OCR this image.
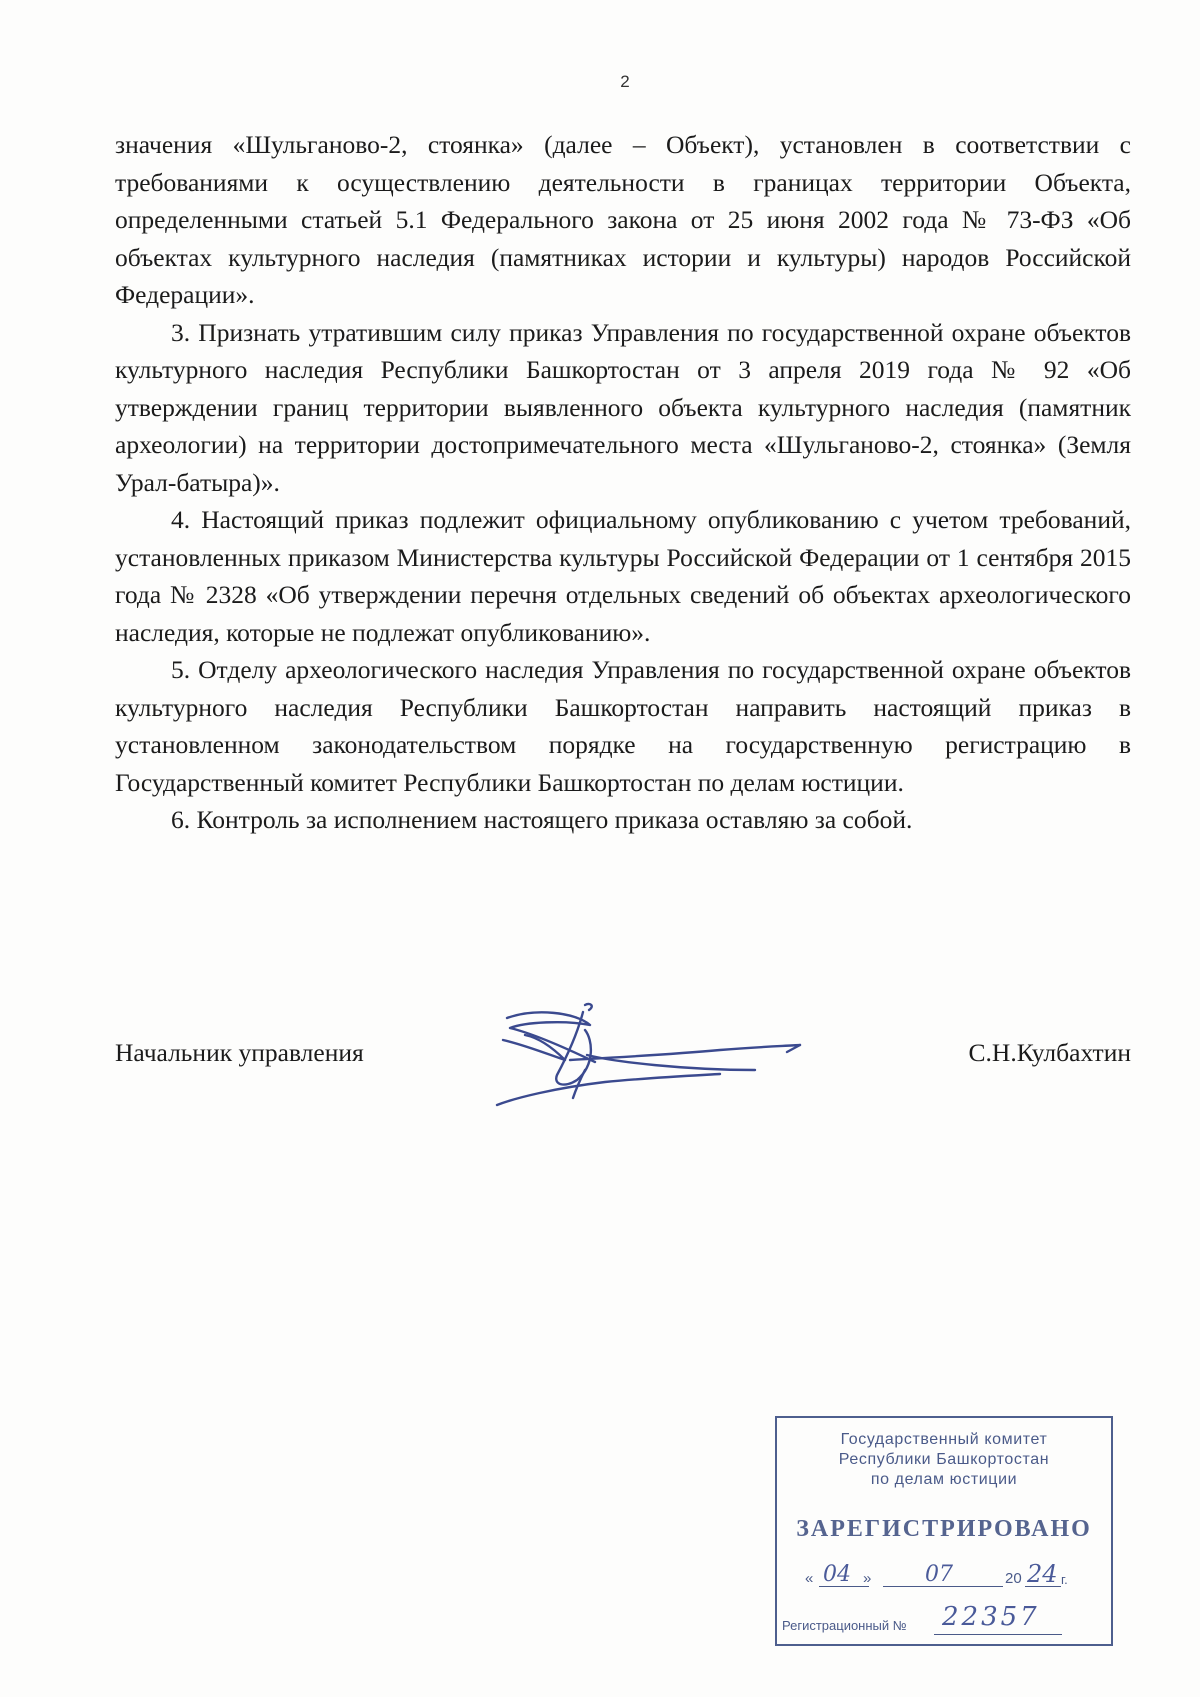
2

значения «Шульганово-2, стоянка» (далее – Объект), установлен в соответствии с требованиями к осуществлению деятельности в границах территории Объекта, определенными статьей 5.1 Федерального закона от 25 июня 2002 года № 73-ФЗ «Об объектах культурного наследия (памятниках истории и культуры) народов Российской Федерации».

3. Признать утратившим силу приказ Управления по государственной охране объектов культурного наследия Республики Башкортостан от 3 апреля 2019 года № 92 «Об утверждении границ территории выявленного объекта культурного наследия (памятник археологии) на территории достопримечательного места «Шульганово-2, стоянка» (Земля Урал-батыра)».

4. Настоящий приказ подлежит официальному опубликованию с учетом требований, установленных приказом Министерства культуры Российской Федерации от 1 сентября 2015 года № 2328 «Об утверждении перечня отдельных сведений об объектах археологического наследия, которые не подлежат опубликованию».

5. Отделу археологического наследия Управления по государственной охране объектов культурного наследия Республики Башкортостан направить настоящий приказ в установленном законодательством порядке на государственную регистрацию в Государственный комитет Республики Башкортостан по делам юстиции.

6. Контроль за исполнением настоящего приказа оставляю за собой.

Начальник управления	С.Н.Кулбахтин
Государственный комитет
Республики Башкортостан
по делам юстиции
ЗАРЕГИСТРИРОВАНО
« 04 » 07	20 24 г.
Регистрационный № 22357
